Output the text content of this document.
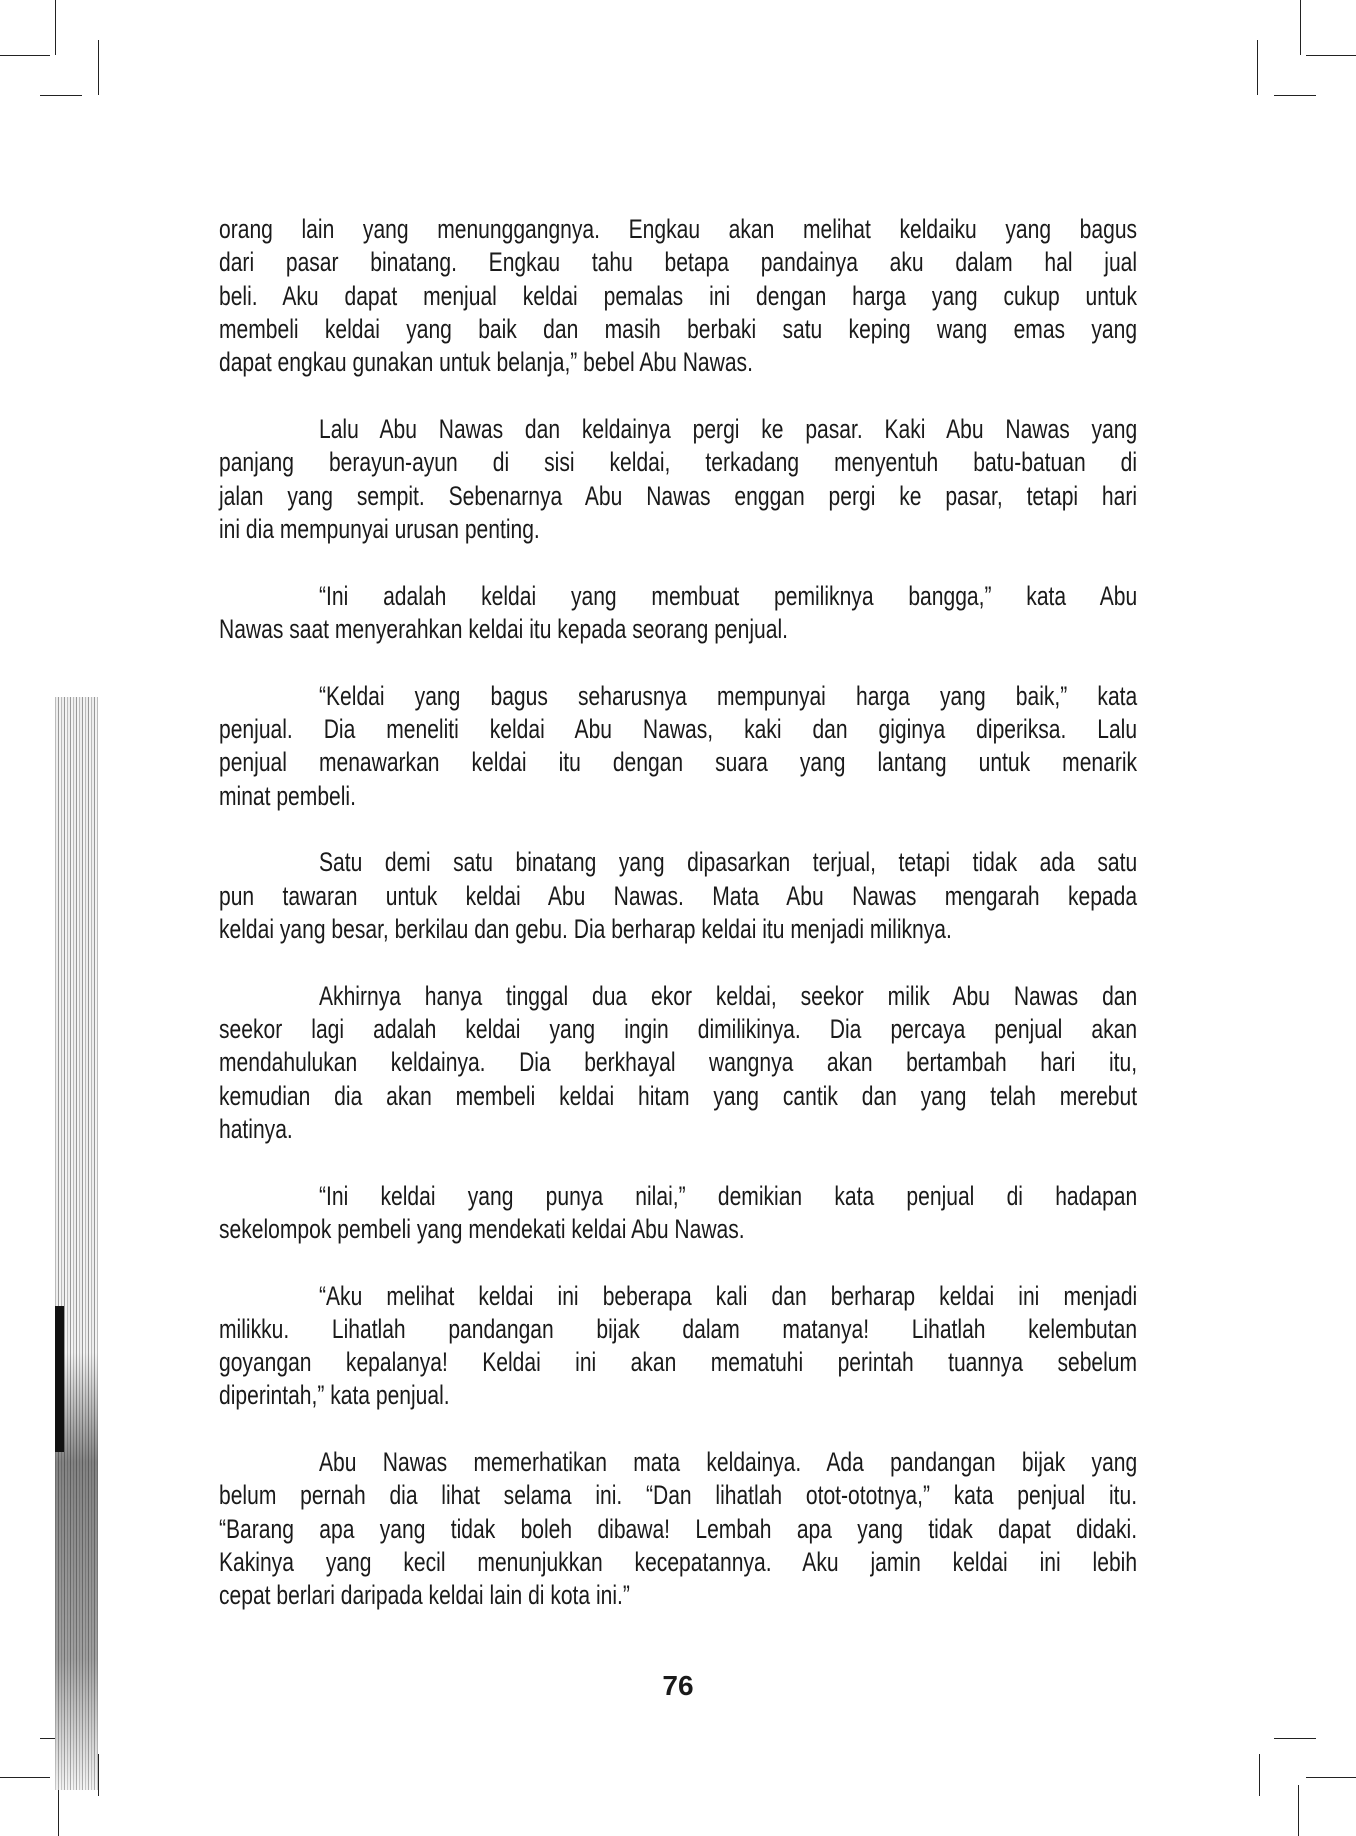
orang lain yang menunggangnya. Engkau akan melihat keldaiku yang bagus
dari pasar binatang. Engkau tahu betapa pandainya aku dalam hal jual
beli. Aku dapat menjual keldai pemalas ini dengan harga yang cukup untuk
membeli keldai yang baik dan masih berbaki satu keping wang emas yang
dapat engkau gunakan untuk belanja,” bebel Abu Nawas.
Lalu Abu Nawas dan keldainya pergi ke pasar. Kaki Abu Nawas yang
panjang berayun-ayun di sisi keldai, terkadang menyentuh batu-batuan di
jalan yang sempit. Sebenarnya Abu Nawas enggan pergi ke pasar, tetapi hari
ini dia mempunyai urusan penting.
“Ini adalah keldai yang membuat pemiliknya bangga,” kata Abu
Nawas saat menyerahkan keldai itu kepada seorang penjual.
“Keldai yang bagus seharusnya mempunyai harga yang baik,” kata
penjual. Dia meneliti keldai Abu Nawas, kaki dan giginya diperiksa. Lalu
penjual menawarkan keldai itu dengan suara yang lantang untuk menarik
minat pembeli.
Satu demi satu binatang yang dipasarkan terjual, tetapi tidak ada satu
pun tawaran untuk keldai Abu Nawas. Mata Abu Nawas mengarah kepada
keldai yang besar, berkilau dan gebu. Dia berharap keldai itu menjadi miliknya.
Akhirnya hanya tinggal dua ekor keldai, seekor milik Abu Nawas dan
seekor lagi adalah keldai yang ingin dimilikinya. Dia percaya penjual akan
mendahulukan keldainya. Dia berkhayal wangnya akan bertambah hari itu,
kemudian dia akan membeli keldai hitam yang cantik dan yang telah merebut
hatinya.
“Ini keldai yang punya nilai,” demikian kata penjual di hadapan
sekelompok pembeli yang mendekati keldai Abu Nawas.
“Aku melihat keldai ini beberapa kali dan berharap keldai ini menjadi
milikku. Lihatlah pandangan bijak dalam matanya! Lihatlah kelembutan
goyangan kepalanya! Keldai ini akan mematuhi perintah tuannya sebelum
diperintah,” kata penjual.
Abu Nawas memerhatikan mata keldainya. Ada pandangan bijak yang
belum pernah dia lihat selama ini. “Dan lihatlah otot-ototnya,” kata penjual itu.
“Barang apa yang tidak boleh dibawa! Lembah apa yang tidak dapat didaki.
Kakinya yang kecil menunjukkan kecepatannya. Aku jamin keldai ini lebih
cepat berlari daripada keldai lain di kota ini.”
76
